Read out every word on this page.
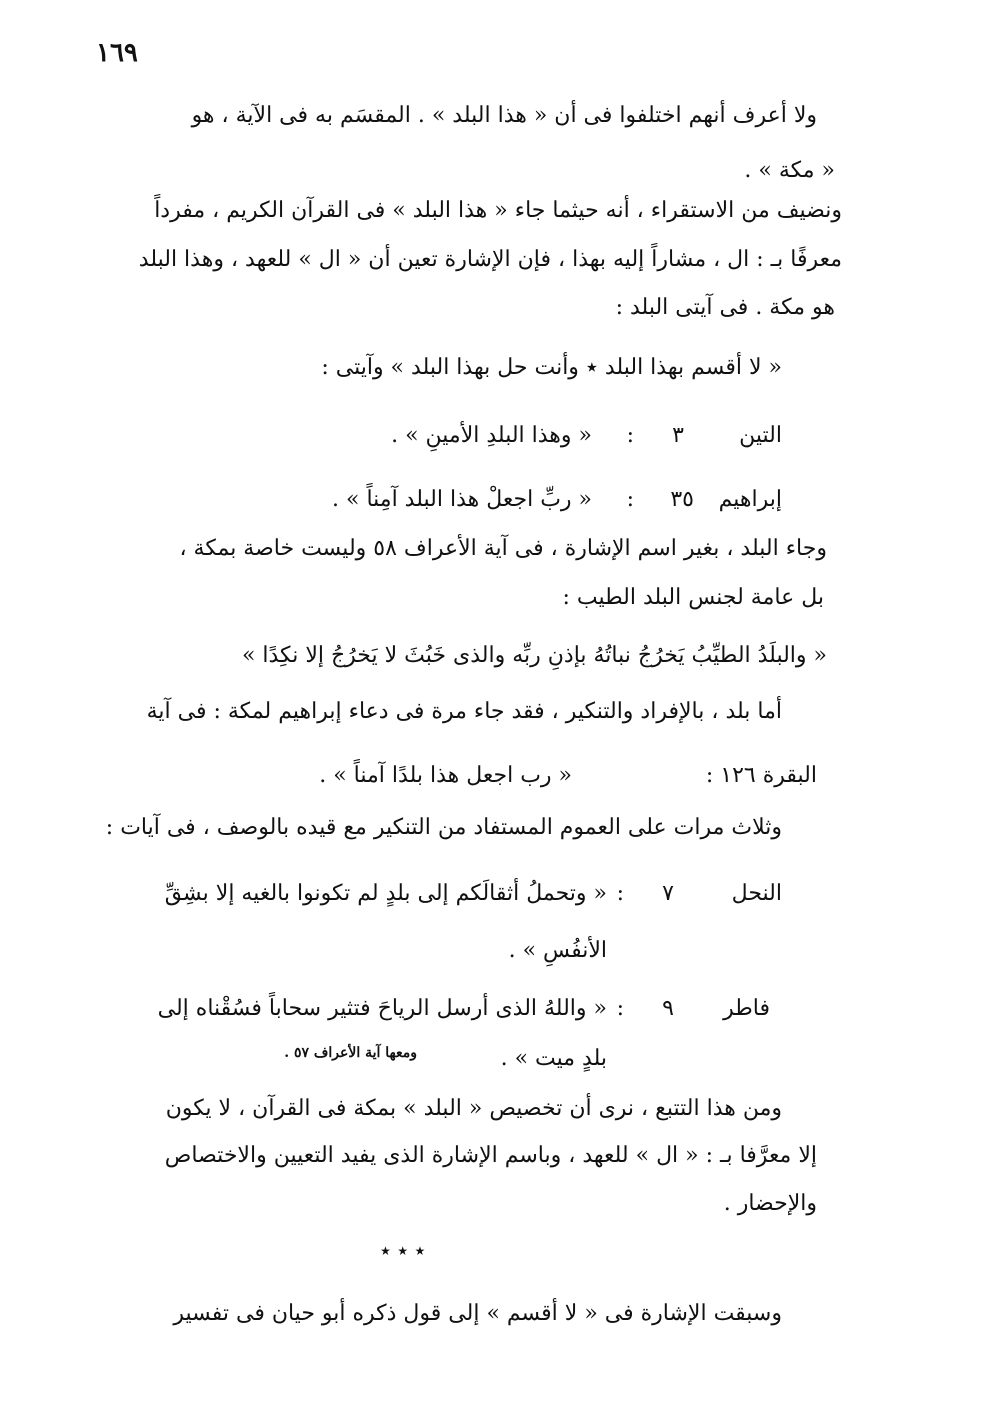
١٦٩
ولا أعرف أنهم اختلفوا فى أن « هذا البلد » . المقسَم به فى الآية ، هو
« مكة » .
ونضيف من الاستقراء ، أنه حيثما جاء « هذا البلد » فى القرآن الكريم ، مفرداً
معرفًا بـ : ال ، مشاراً إليه بهذا ، فإن الإشارة تعين أن « ال » للعهد ، وهذا البلد
هو مكة . فى آيتى البلد :
« لا أقسم بهذا البلد ٭ وأنت حل بهذا البلد » وآيتى :
التين
٣
:
« وهذا البلدِ الأمينِ » .
إبراهيم
٣٥
:
« ربِّ اجعلْ هذا البلد آمِناً » .
وجاء البلد ، بغير اسم الإشارة ، فى آية الأعراف ٥٨ وليست خاصة بمكة ،
بل عامة لجنس البلد الطيب :
« والبلَدُ الطيِّبُ يَخرُجُ نباتُهُ بإذنِ ربِّه والذى خَبُثَ لا يَخرُجُ إلا نكِدًا »
أما بلد ، بالإفراد والتنكير ، فقد جاء مرة فى دعاء إبراهيم لمكة : فى آية
البقرة ١٢٦ :
« رب اجعل هذا بلدًا آمناً » .
وثلاث مرات على العموم المستفاد من التنكير مع قيده بالوصف ، فى آيات :
النحل
٧
:
« وتحملُ أثقالَكم إلى بلدٍ لم تكونوا بالغيه إلا بشِقِّ
الأنفُسِ » .
فاطر
٩
:
« واللهُ الذى أرسل الرياحَ فتثير سحاباً فسُقْناه إلى
بلدٍ ميت » .
ومعها آية الأعراف ٥٧ .
ومن هذا التتبع ، نرى أن تخصيص « البلد » بمكة فى القرآن ، لا يكون
إلا معرَّفا بـ : « ال » للعهد ، وباسم الإشارة الذى يفيد التعيين والاختصاص
والإحضار .
٭ ٭ ٭
وسبقت الإشارة فى « لا أقسم » إلى قول ذكره أبو حيان فى تفسير
